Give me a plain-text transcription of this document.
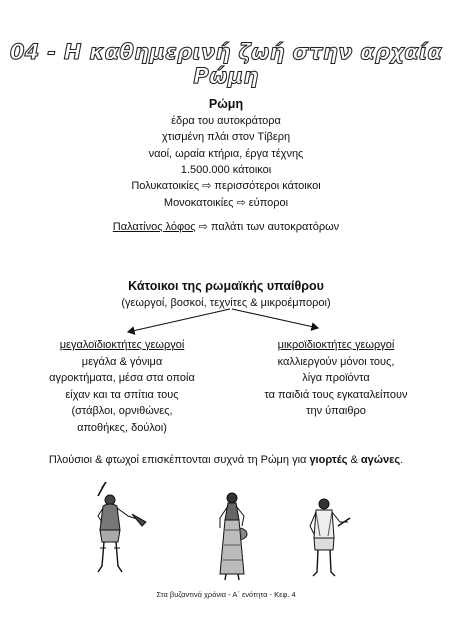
04 - Η καθημερινή ζωή στην αρχαία Ρώμη
Ρώμη
έδρα του αυτοκράτορα
χτισμένη πλάι στον Τίβερη
ναοί, ωραία κτήρια, έργα τέχνης
1.500.000 κάτοικοι
Πολυκατοικίες ⇨ περισσότεροι κάτοικοι
Μονοκατοικίες ⇨ εύποροι
Παλατίνος λόφος ⇨ παλάτι των αυτοκρατόρων
Κάτοικοι της ρωμαϊκής υπαίθρου
(γεωργοί, βοσκοί, τεχνίτες & μικροέμποροι)
μεγαλοϊδιοκτήτες γεωργοί
μεγάλα & γόνιμα
αγροκτήματα, μέσα στα οποία
είχαν και τα σπίτια τους
(στάβλοι, ορνιθώνες,
αποθήκες, δούλοι)
μικροϊδιοκτήτες γεωργοί
καλλιεργούν μόνοι τους,
λίγα προϊόντα
τα παιδιά τους εγκαταλείπουν
την ύπαιθρο
Πλούσιοι & φτωχοί επισκέπτονται συχνά τη Ρώμη για γιορτές & αγώνες.
Στα βυζαντινά χρόνια - Α΄ ενότητα - Κεφ. 4
